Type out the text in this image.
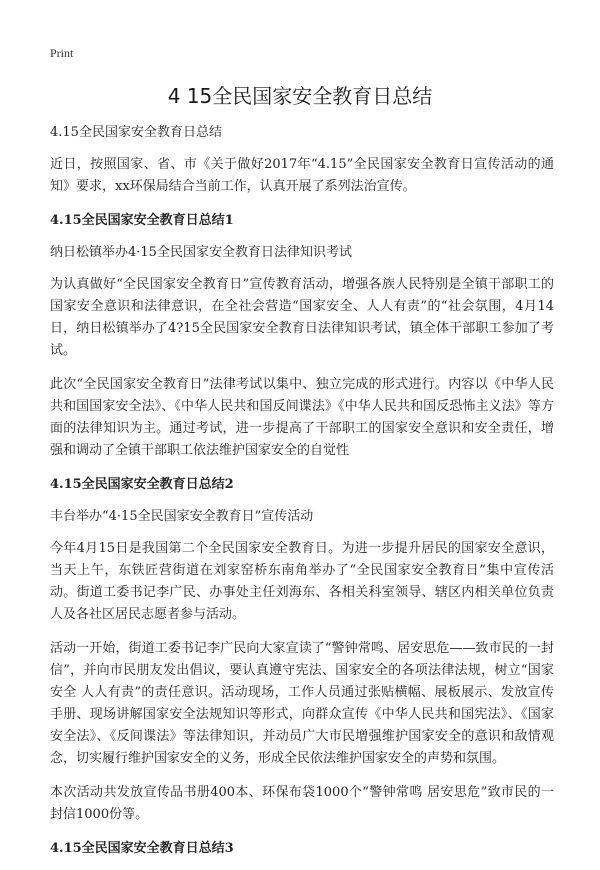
Print
4 15全民国家安全教育日总结

4.15全民国家安全教育日总结

近日，按照国家、省、市《关于做好2017年“4.15”全民国家安全教育日宣传活动的通知》要求，xx环保局结合当前工作，认真开展了系列法治宣传。

4.15全民国家安全教育日总结1

纳日松镇举办4·15全民国家安全教育日法律知识考试

为认真做好“全民国家安全教育日”宣传教育活动，增强各族人民特别是全镇干部职工的国家安全意识和法律意识，在全社会营造“国家安全、人人有责”的“社会氛围，4月14日，纳日松镇举办了4?15全民国家安全教育日法律知识考试，镇全体干部职工参加了考试。

此次“全民国家安全教育日”法律考试以集中、独立完成的形式进行。内容以《中华人民共和国国家安全法》、《中华人民共和国反间谍法》《中华人民共和国反恐怖主义法》等方面的法律知识为主。通过考试，进一步提高了干部职工的国家安全意识和安全责任，增强和调动了全镇干部职工依法维护国家安全的自觉性

4.15全民国家安全教育日总结2

丰台举办“4·15全民国家安全教育日”宣传活动

今年4月15日是我国第二个全民国家安全教育日。为进一步提升居民的国家安全意识，当天上午，东铁匠营街道在刘家窑桥东南角举办了“全民国家安全教育日”集中宣传活动。街道工委书记李广民、办事处主任刘海东、各相关科室领导、辖区内相关单位负责人及各社区居民志愿者参与活动。

活动一开始，街道工委书记李广民向大家宣读了“警钟常鸣、居安思危——致市民的一封信”，并向市民朋友发出倡议，要认真遵守宪法、国家安全的各项法律法规，树立“国家安全 人人有责”的责任意识。活动现场，工作人员通过张贴横幅、展板展示、发放宣传手册、现场讲解国家安全法规知识等形式，向群众宣传《中华人民共和国宪法》、《国家安全法》、《反间谍法》等法律知识，并动员广大市民增强维护国家安全的意识和敌情观念，切实履行维护国家安全的义务，形成全民依法维护国家安全的声势和氛围。

本次活动共发放宣传品书册400本、环保布袋1000个“警钟常鸣 居安思危”致市民的一封信1000份等。

4.15全民国家安全教育日总结3
